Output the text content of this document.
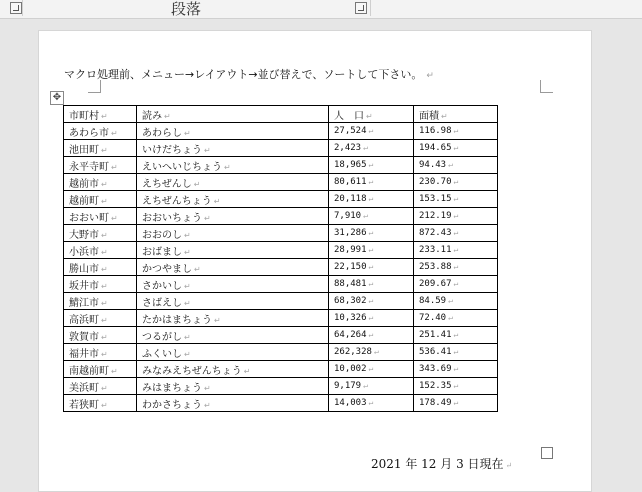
段落
マクロ処理前、メニュー→レイアウト→並び替えで、ソートして下さい。 ↵
✥
市町村 ↵	読み ↵	人　口 ↵	面積 ↵
あわら市 ↵	あわらし ↵	27,524 ↵	116.98 ↵
池田町 ↵	いけだちょう ↵	2,423 ↵	194.65 ↵
永平寺町 ↵	えいへいじちょう ↵	18,965 ↵	94.43 ↵
越前市 ↵	えちぜんし ↵	80,611 ↵	230.70 ↵
越前町 ↵	えちぜんちょう ↵	20,118 ↵	153.15 ↵
おおい町 ↵	おおいちょう ↵	7,910 ↵	212.19 ↵
大野市 ↵	おおのし ↵	31,286 ↵	872.43 ↵
小浜市 ↵	おばまし ↵	28,991 ↵	233.11 ↵
勝山市 ↵	かつやまし ↵	22,150 ↵	253.88 ↵
坂井市 ↵	さかいし ↵	88,481 ↵	209.67 ↵
鯖江市 ↵	さばえし ↵	68,302 ↵	84.59 ↵
高浜町 ↵	たかはまちょう ↵	10,326 ↵	72.40 ↵
敦賀市 ↵	つるがし ↵	64,264 ↵	251.41 ↵
福井市 ↵	ふくいし ↵	262,328 ↵	536.41 ↵
南越前町 ↵	みなみえちぜんちょう ↵	10,002 ↵	343.69 ↵
美浜町 ↵	みはまちょう ↵	9,179 ↵	152.35 ↵
若狭町 ↵	わかさちょう ↵	14,003 ↵	178.49 ↵
2021 年 12 月 3 日現在 ↵
